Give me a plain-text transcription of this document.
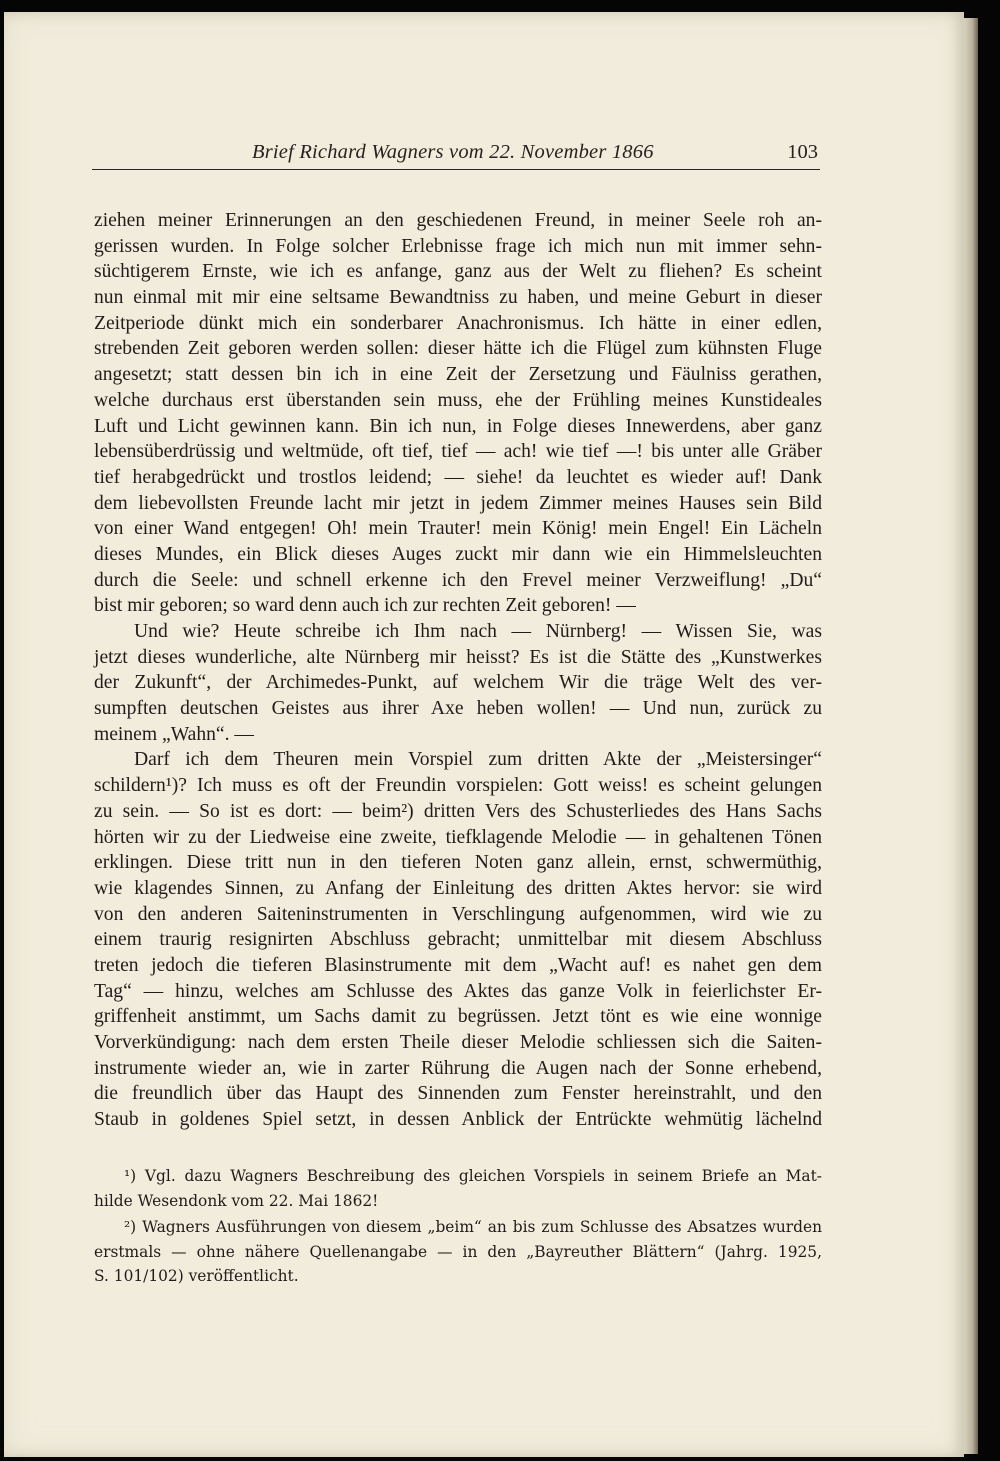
Brief Richard Wagners vom 22. November 1866	103
ziehen meiner Erinnerungen an den geschiedenen Freund, in meiner Seele roh an-
gerissen wurden. In Folge solcher Erlebnisse frage ich mich nun mit immer sehn-
süchtigerem Ernste, wie ich es anfange, ganz aus der Welt zu fliehen? Es scheint
nun einmal mit mir eine seltsame Bewandtniss zu haben, und meine Geburt in dieser
Zeitperiode dünkt mich ein sonderbarer Anachronismus. Ich hätte in einer edlen,
strebenden Zeit geboren werden sollen: dieser hätte ich die Flügel zum kühnsten Fluge
angesetzt; statt dessen bin ich in eine Zeit der Zersetzung und Fäulniss gerathen,
welche durchaus erst überstanden sein muss, ehe der Frühling meines Kunstideales
Luft und Licht gewinnen kann. Bin ich nun, in Folge dieses Innewerdens, aber ganz
lebensüberdrüssig und weltmüde, oft tief, tief — ach! wie tief —! bis unter alle Gräber
tief herabgedrückt und trostlos leidend; — siehe! da leuchtet es wieder auf! Dank
dem liebevollsten Freunde lacht mir jetzt in jedem Zimmer meines Hauses sein Bild
von einer Wand entgegen! Oh! mein Trauter! mein König! mein Engel! Ein Lächeln
dieses Mundes, ein Blick dieses Auges zuckt mir dann wie ein Himmelsleuchten
durch die Seele: und schnell erkenne ich den Frevel meiner Verzweiflung! „Du“
bist mir geboren; so ward denn auch ich zur rechten Zeit geboren! —
Und wie? Heute schreibe ich Ihm nach — Nürnberg! — Wissen Sie, was
jetzt dieses wunderliche, alte Nürnberg mir heisst? Es ist die Stätte des „Kunstwerkes
der Zukunft“, der Archimedes-Punkt, auf welchem Wir die träge Welt des ver-
sumpften deutschen Geistes aus ihrer Axe heben wollen! — Und nun, zurück zu
meinem „Wahn“. —
Darf ich dem Theuren mein Vorspiel zum dritten Akte der „Meistersinger“
schildern¹)? Ich muss es oft der Freundin vorspielen: Gott weiss! es scheint gelungen
zu sein. — So ist es dort: — beim²) dritten Vers des Schusterliedes des Hans Sachs
hörten wir zu der Liedweise eine zweite, tiefklagende Melodie — in gehaltenen Tönen
erklingen. Diese tritt nun in den tieferen Noten ganz allein, ernst, schwermüthig,
wie klagendes Sinnen, zu Anfang der Einleitung des dritten Aktes hervor: sie wird
von den anderen Saiteninstrumenten in Verschlingung aufgenommen, wird wie zu
einem traurig resignirten Abschluss gebracht; unmittelbar mit diesem Abschluss
treten jedoch die tieferen Blasinstrumente mit dem „Wacht auf! es nahet gen dem
Tag“ — hinzu, welches am Schlusse des Aktes das ganze Volk in feierlichster Er-
griffenheit anstimmt, um Sachs damit zu begrüssen. Jetzt tönt es wie eine wonnige
Vorverkündigung: nach dem ersten Theile dieser Melodie schliessen sich die Saiten-
instrumente wieder an, wie in zarter Rührung die Augen nach der Sonne erhebend,
die freundlich über das Haupt des Sinnenden zum Fenster hereinstrahlt, und den
Staub in goldenes Spiel setzt, in dessen Anblick der Entrückte wehmütig lächelnd
¹) Vgl. dazu Wagners Beschreibung des gleichen Vorspiels in seinem Briefe an Mat-
hilde Wesendonk vom 22. Mai 1862!
²) Wagners Ausführungen von diesem „beim“ an bis zum Schlusse des Absatzes wurden
erstmals — ohne nähere Quellenangabe — in den „Bayreuther Blättern“ (Jahrg. 1925,
S. 101/102) veröffentlicht.
